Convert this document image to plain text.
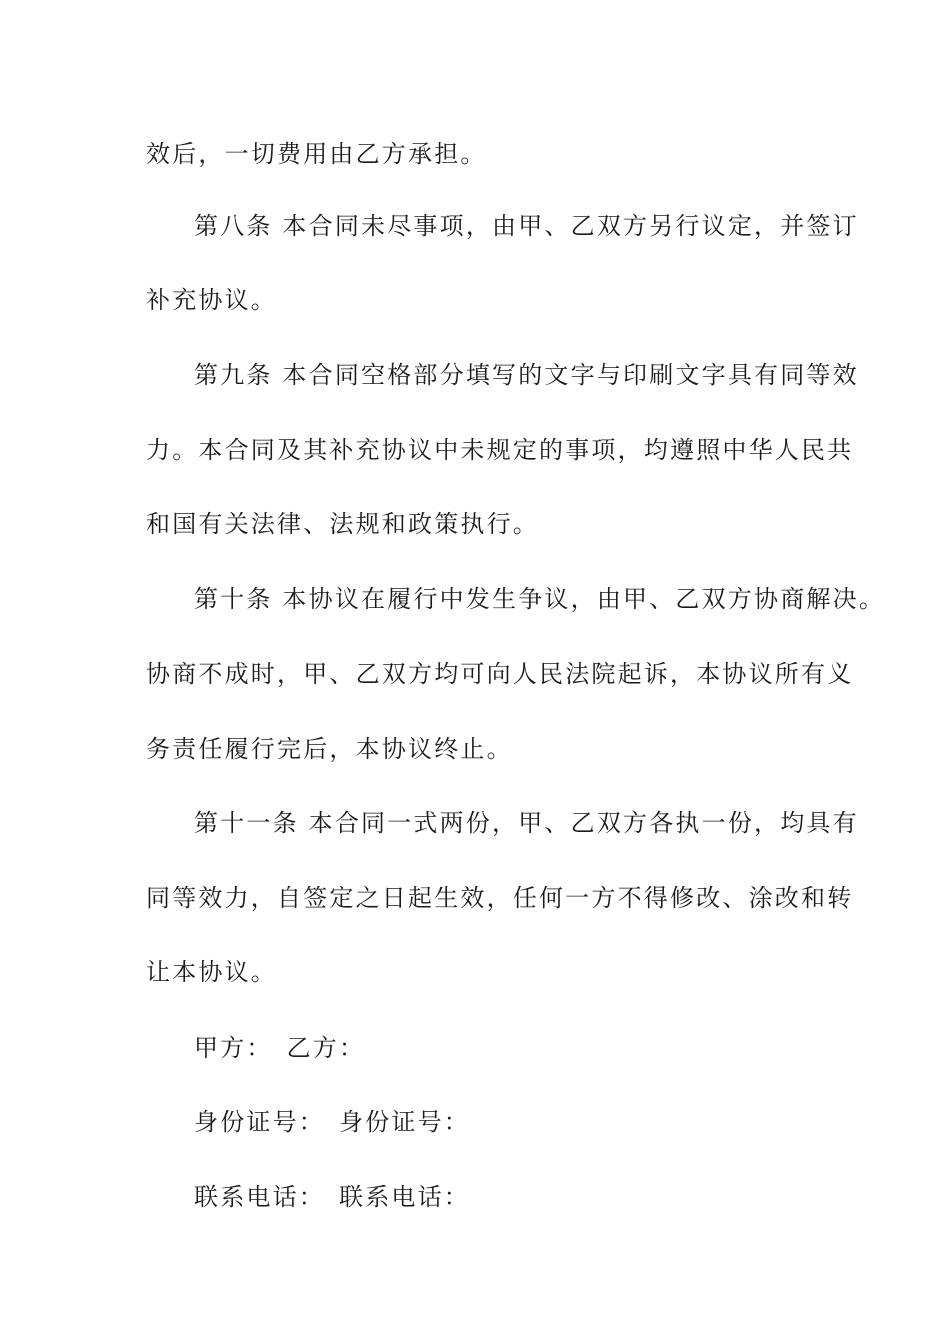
效后，一切费用由乙方承担。
第八条 本合同未尽事项，由甲、乙双方另行议定，并签订
补充协议。
第九条 本合同空格部分填写的文字与印刷文字具有同等效
力。本合同及其补充协议中未规定的事项，均遵照中华人民共
和国有关法律、法规和政策执行。
第十条 本协议在履行中发生争议，由甲、乙双方协商解决。
协商不成时，甲、乙双方均可向人民法院起诉，本协议所有义
务责任履行完后，本协议终止。
第十一条 本合同一式两份，甲、乙双方各执一份，均具有
同等效力，自签定之日起生效，任何一方不得修改、涂改和转
让本协议。
甲方： 乙方：
身份证号： 身份证号：
联系电话： 联系电话：
